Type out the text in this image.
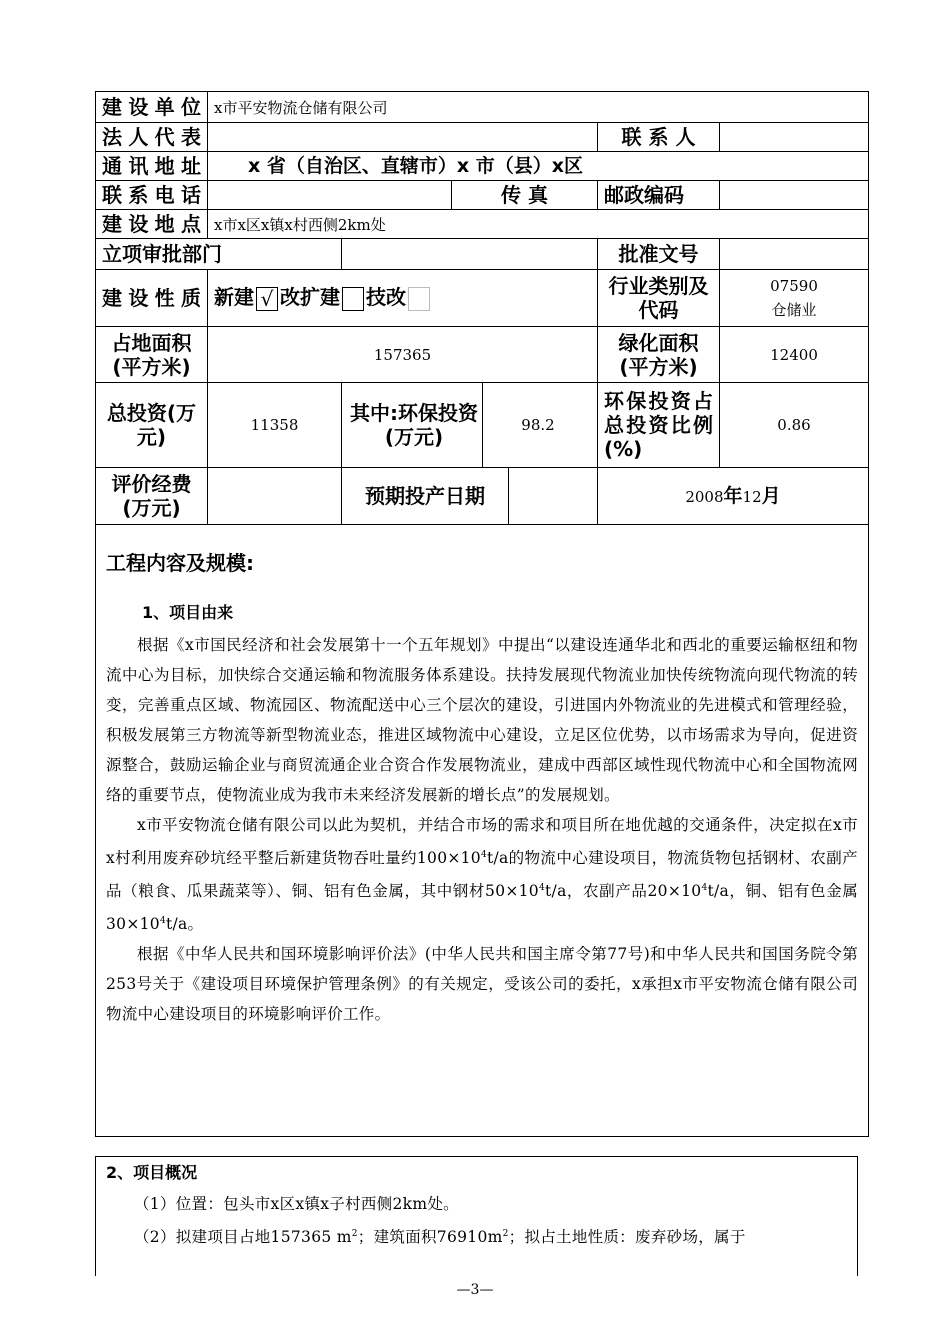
建设单位	x市平安物流仓储有限公司				
法人代表				联 系 人	
通讯地址	x 省（自治区、直辖市）x 市（县）x区				
联系电话			传 真	邮政编码	
建设地点	x市x区x镇x村西侧2km处				
立项审批部门				批准文号	
建设性质	新建 √ 改扩建 技改			行业类别及代码	07590
仓储业

占地面积(平方米)	157365			绿化面积(平方米)	12400
总投资(万元)	11358	其中:环保投资(万元) 98.2		环保投资占总投资比例(%)	0.86
评价经费(万元)		预期投产日期		2008年12月	

工程内容及规模:
1、项目由来

根据《x市国民经济和社会发展第十一个五年规划》中提出“以建设连通华北和西北的重要运输枢纽和物流中心为目标，加快综合交通运输和物流服务体系建设。扶持发展现代物流业加快传统物流向现代物流的转变，完善重点区域、物流园区、物流配送中心三个层次的建设，引进国内外物流业的先进模式和管理经验，积极发展第三方物流等新型物流业态，推进区域物流中心建设，立足区位优势，以市场需求为导向，促进资源整合，鼓励运输企业与商贸流通企业合资合作发展物流业，建成中西部区域性现代物流中心和全国物流网络的重要节点，使物流业成为我市未来经济发展新的增长点”的发展规划。

x市平安物流仓储有限公司以此为契机，并结合市场的需求和项目所在地优越的交通条件，决定拟在x市x村利用废弃砂坑经平整后新建货物吞吐量约$100\times 10^4t/a$的物流中心建设项目，物流货物包括钢材、农副产品（粮食、瓜果蔬菜等）、铜、铝有色金属，其中钢材$50\times 10^4t/a$，农副产品$20\times 10^4t/a$，铜、铝有色金属$30\times 10^4t/a$。

根据《中华人民共和国环境影响评价法》(中华人民共和国主席令第77号)和中华人民共和国国务院令第253号关于《建设项目环境保护管理条例》的有关规定，受该公司的委托，x承担x市平安物流仓储有限公司物流中心建设项目的环境影响评价工作。					

2、项目概况
（1）位置：包头市x区x镇x子村西侧2km处。
（2）拟建项目占地157365 $m^2$；建筑面积$76910m^2$；拟占土地性质：废弃砂场，属于
—3—
